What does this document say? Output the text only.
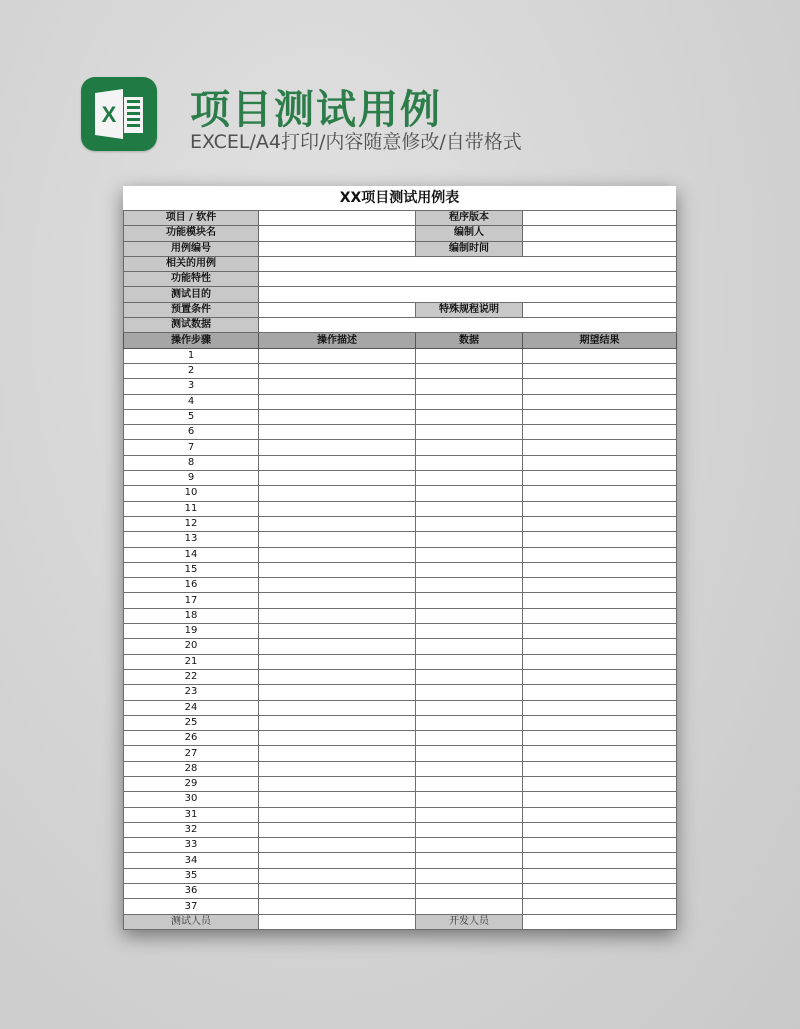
X 项目测试用例
EXCEL/A4打印/内容随意修改/自带格式
XX项目测试用例表
项目 / 软件		程序版本	
功能模块名		编制人	
用例编号		编制时间	
相关的用例			
功能特性			
测试目的			
预置条件		特殊规程说明	
测试数据			
操作步骤	操作描述	数据	期望结果
1			
2			
3			
4			
5			
6			
7			
8			
9			
10			
11			
12			
13			
14			
15			
16			
17			
18			
19			
20			
21			
22			
23			
24			
25			
26			
27			
28			
29			
30			
31			
32			
33			
34			
35			
36			
37			
测试人员		开发人员	
